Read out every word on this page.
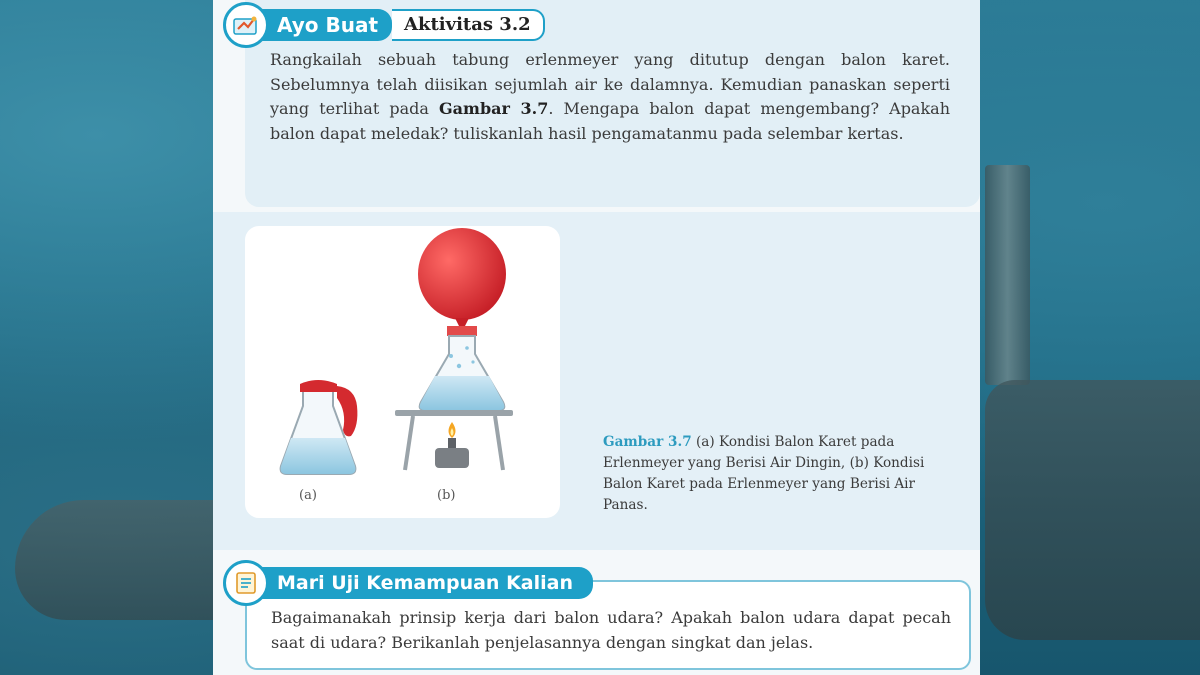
Ayo Buat	Aktivitas 3.2
Rangkailah sebuah tabung erlenmeyer yang ditutup dengan balon karet. Sebelumnya telah diisikan sejumlah air ke dalamnya. Kemudian panaskan seperti yang terlihat pada Gambar 3.7. Mengapa balon dapat mengembang? Apakah balon dapat meledak? tuliskanlah hasil pengamatanmu pada selembar kertas.
(a)	(b)
Gambar 3.7 (a) Kondisi Balon Karet pada Erlenmeyer yang Berisi Air Dingin, (b) Kondisi Balon Karet pada Erlenmeyer yang Berisi Air Panas.
Mari Uji Kemampuan Kalian
Bagaimanakah prinsip kerja dari balon udara? Apakah balon udara dapat pecah saat di udara? Berikanlah penjelasannya dengan singkat dan jelas.
